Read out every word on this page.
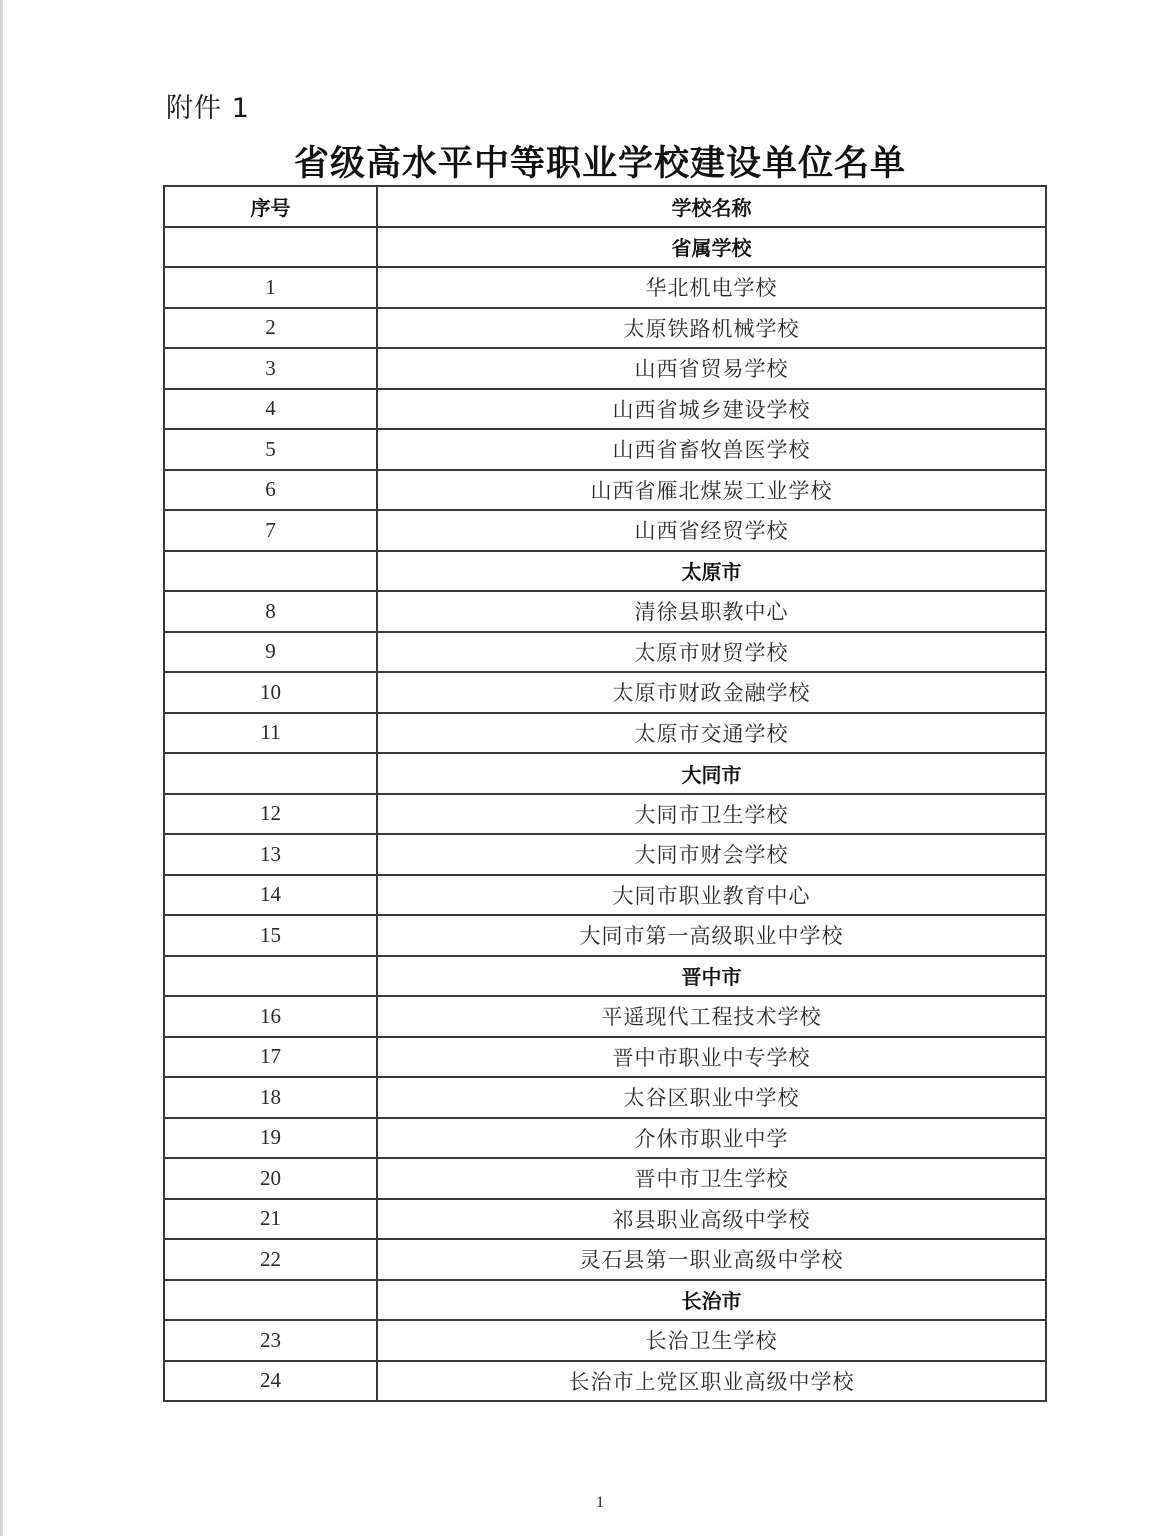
附件 1
省级高水平中等职业学校建设单位名单
序号	学校名称
	省属学校
1	华北机电学校
2	太原铁路机械学校
3	山西省贸易学校
4	山西省城乡建设学校
5	山西省畜牧兽医学校
6	山西省雁北煤炭工业学校
7	山西省经贸学校
	太原市
8	清徐县职教中心
9	太原市财贸学校
10	太原市财政金融学校
11	太原市交通学校
	大同市
12	大同市卫生学校
13	大同市财会学校
14	大同市职业教育中心
15	大同市第一高级职业中学校
	晋中市
16	平遥现代工程技术学校
17	晋中市职业中专学校
18	太谷区职业中学校
19	介休市职业中学
20	晋中市卫生学校
21	祁县职业高级中学校
22	灵石县第一职业高级中学校
	长治市
23	长治卫生学校
24	长治市上党区职业高级中学校
1
